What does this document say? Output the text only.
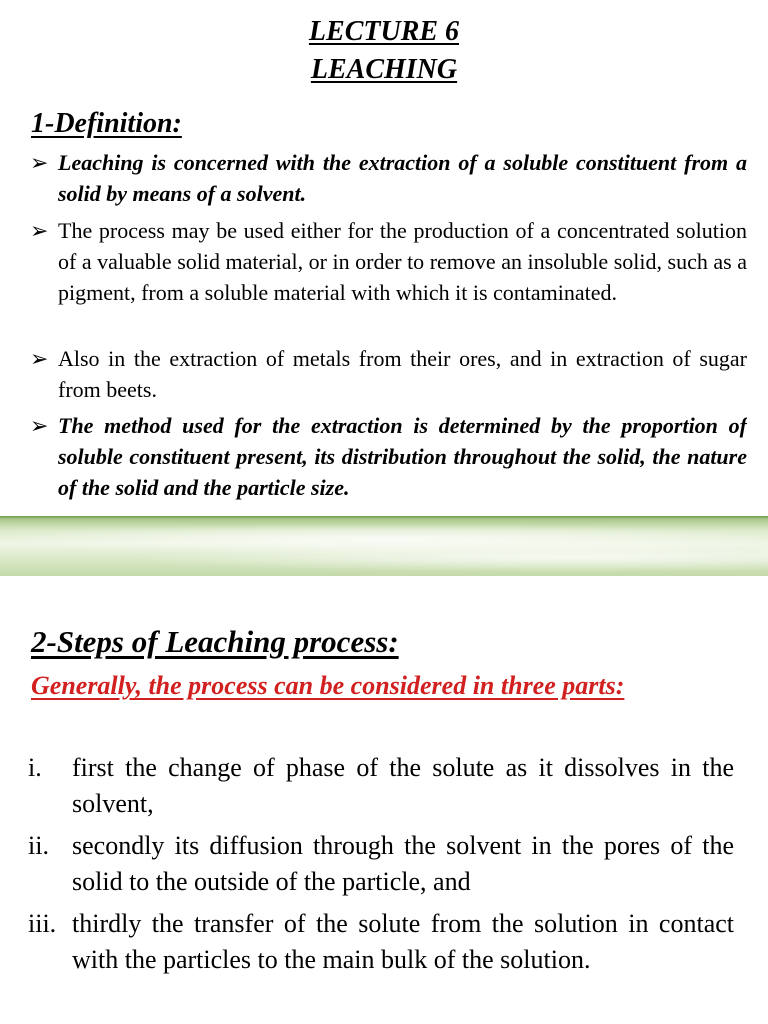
LECTURE 6
LEACHING
1-Definition:
➢ Leaching is concerned with the extraction of a soluble constituent from a solid by means of a solvent.
➢ The process may be used either for the production of a concentrated solution of a valuable solid material, or in order to remove an insoluble solid, such as a pigment, from a soluble material with which it is contaminated.
➢ Also in the extraction of metals from their ores, and in extraction of sugar from beets.
➢ The method used for the extraction is determined by the proportion of soluble constituent present, its distribution throughout the solid, the nature of the solid and the particle size.
2-Steps of Leaching process:
Generally, the process can be considered in three parts:
i. first the change of phase of the solute as it dissolves in the solvent,
ii. secondly its diffusion through the solvent in the pores of the solid to the outside of the particle, and
iii. thirdly the transfer of the solute from the solution in contact with the particles to the main bulk of the solution.
